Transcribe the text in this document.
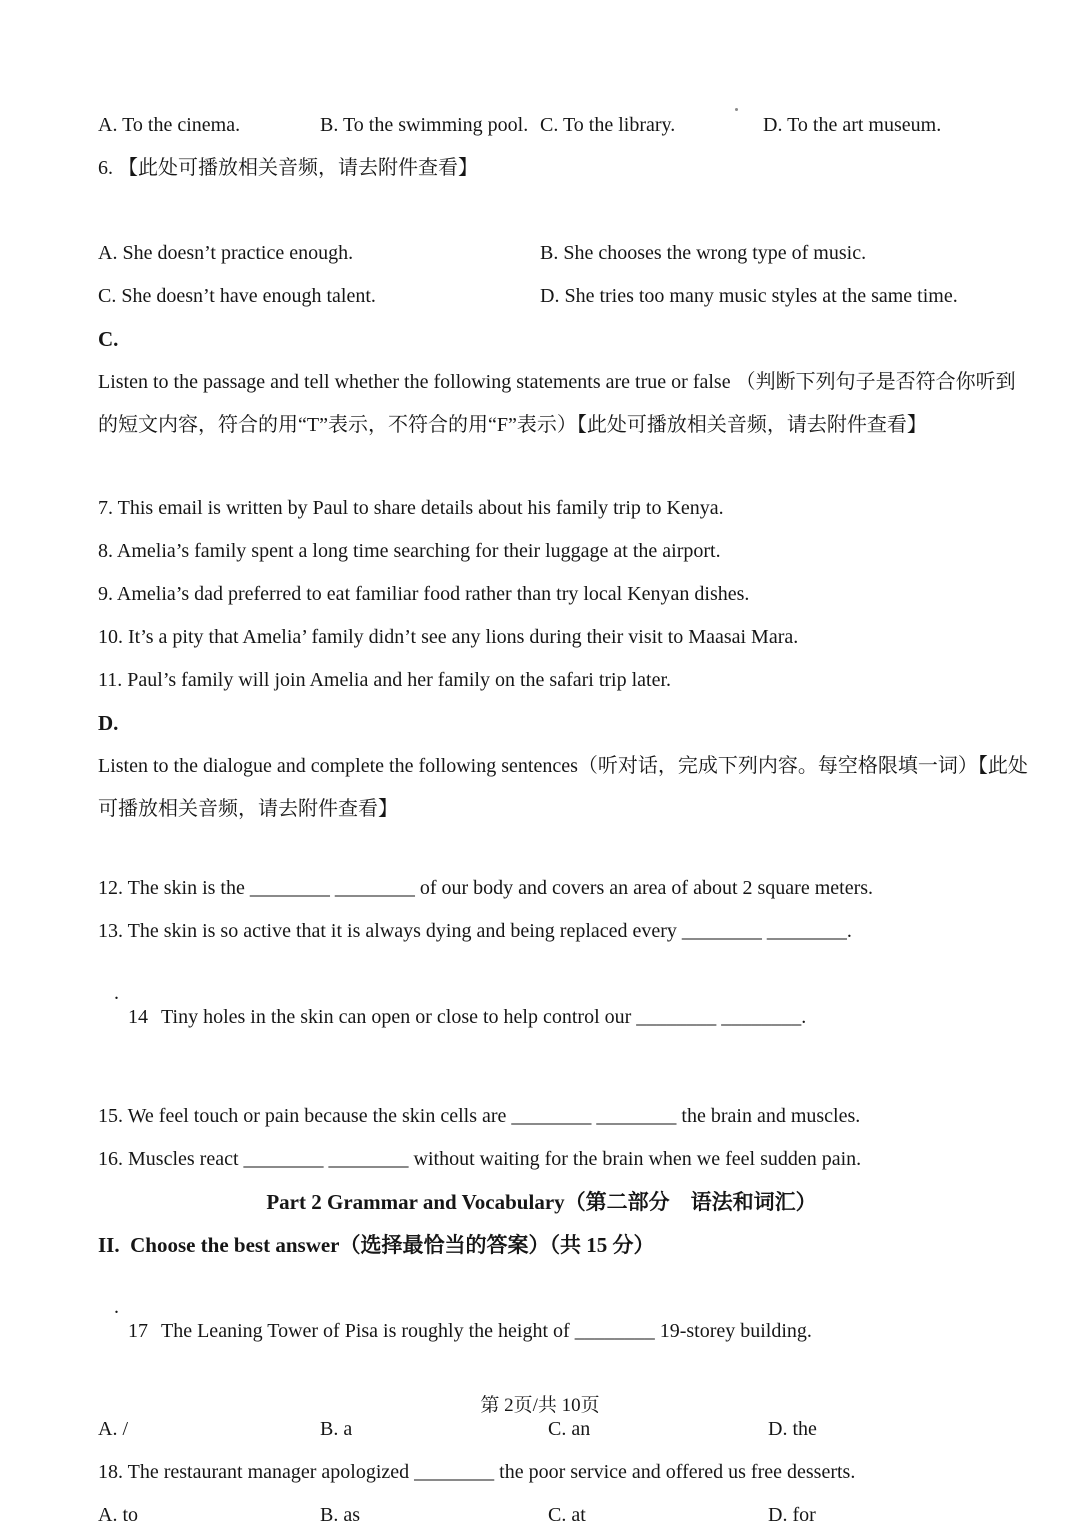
A. To the cinema.	B. To the swimming pool. C. To the library.	D. To the art museum.
6. 【此处可播放相关音频，请去附件查看】
A. She doesn’t practice enough.	B. She chooses the wrong type of music.
C. She doesn’t have enough talent.	D. She tries too many music styles at the same time.
C.
Listen to the passage and tell whether the following statements are true or false （判断下列句子是否符合你听到
的短文内容，符合的用“T”表示，不符合的用“F”表示）【此处可播放相关音频，请去附件查看】
7. This email is written by Paul to share details about his family trip to Kenya.
8. Amelia’s family spent a long time searching for their luggage at the airport.
9. Amelia’s dad preferred to eat familiar food rather than try local Kenyan dishes.
10. It’s a pity that Amelia’ family didn’t see any lions during their visit to Maasai Mara.
11. Paul’s family will join Amelia and her family on the safari trip later.
D.
Listen to the dialogue and complete the following sentences（听对话，完成下列内容。每空格限填一词）【此处
可播放相关音频，请去附件查看】
12. The skin is the ________ ________ of our body and covers an area of about 2 square meters.
13. The skin is so active that it is always dying and being replaced every ________ ________.

14
.
Tiny holes in the skin can open or close to help control our ________ ________.

15. We feel touch or pain because the skin cells are ________ ________ the brain and muscles.
16. Muscles react ________ ________ without waiting for the brain when we feel sudden pain.
Part 2 Grammar and Vocabulary（第二部分　语法和词汇）
II.  Choose the best answer（选择最恰当的答案）（共 15 分）

17
.
The Leaning Tower of Pisa is roughly the height of ________ 19-storey building.

A. /	B. a	C. an	D. the
18. The restaurant manager apologized ________ the poor service and offered us free desserts.
A. to	B. as	C. at	D. for
第 2页/共 10页
